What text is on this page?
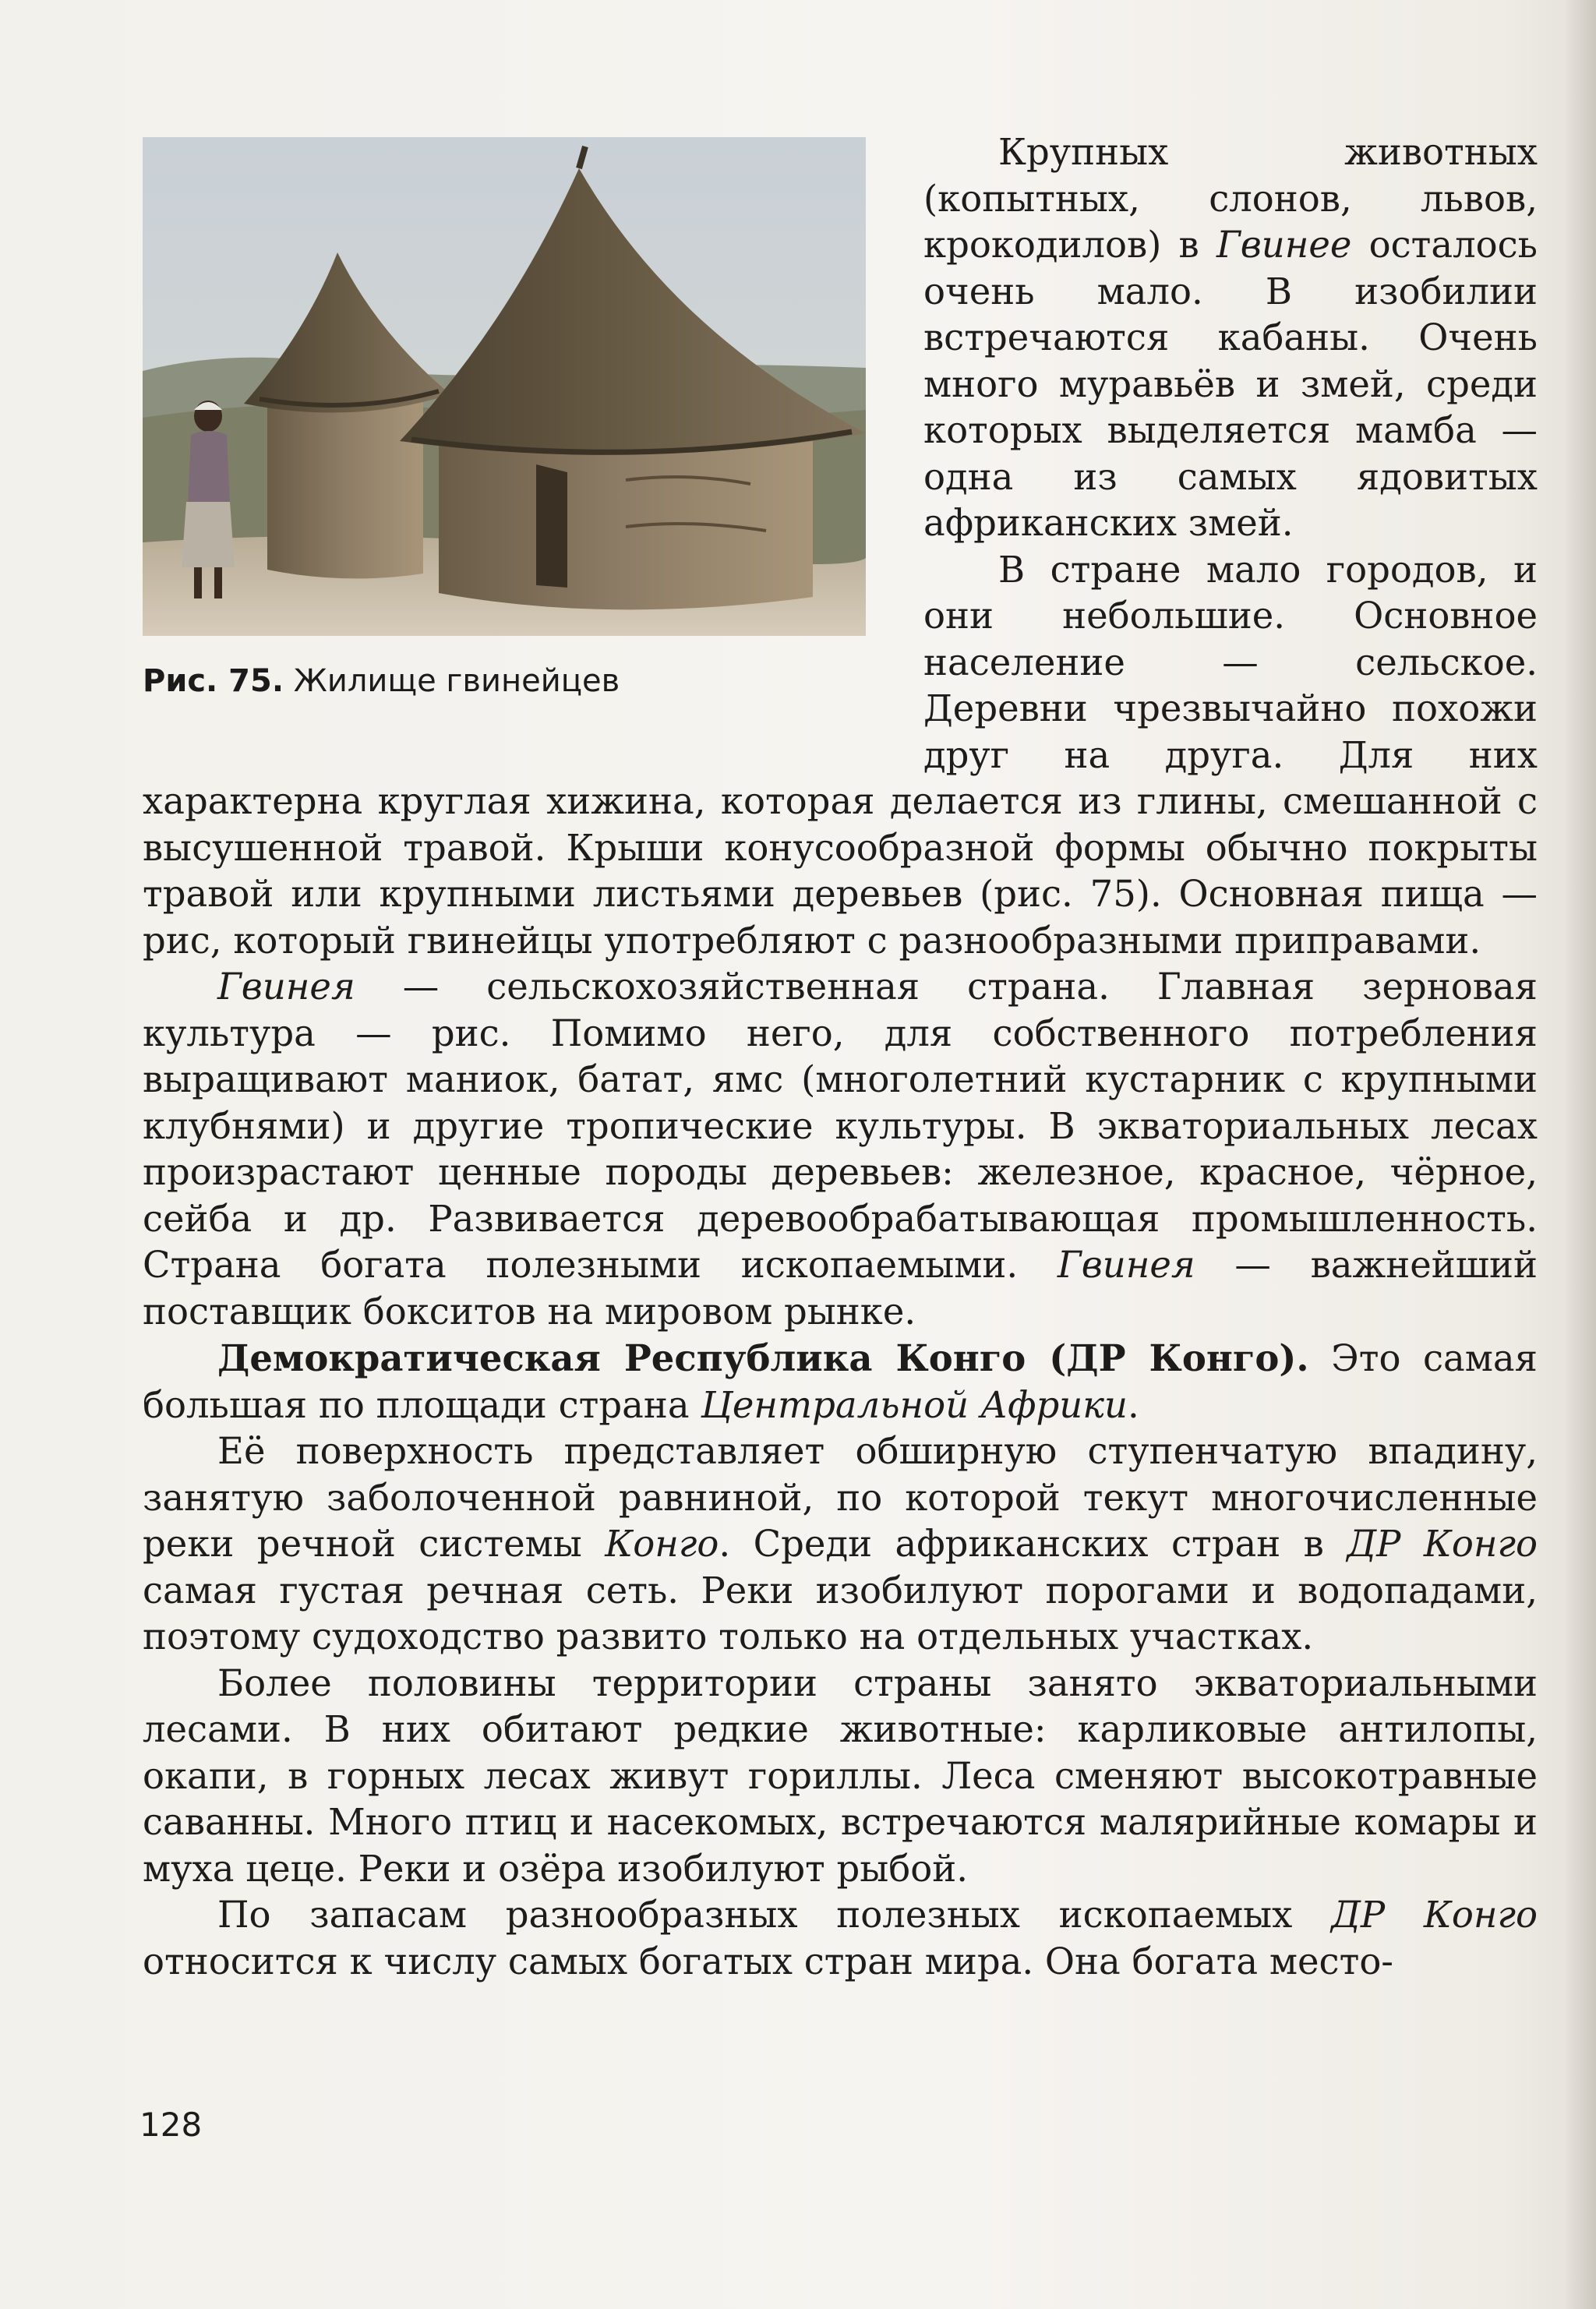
Рис. 75. Жилище гвинейцев

Крупных животных (копытных, слонов, львов, крокодилов) в Гвинее осталось очень мало. В изобилии встречаются кабаны. Очень много муравьёв и змей, среди которых выделяется мамба — одна из самых ядовитых африканских змей.

В стране мало городов, и они небольшие. Основное население — сельское. Деревни чрезвычайно похожи друг на друга. Для них характерна круглая хижина, которая делается из глины, смешанной с высушенной травой. Крыши конусообразной формы обычно покрыты травой или крупными листьями деревьев (рис. 75). Основная пища — рис, который гвинейцы употребляют с разнообразными приправами.

Гвинея — сельскохозяйственная страна. Главная зерновая культура — рис. Помимо него, для собственного потребления выращивают маниок, батат, ямс (многолетний кустарник с крупными клубнями) и другие тропические культуры. В экваториальных лесах произрастают ценные породы деревьев: железное, красное, чёрное, сейба и др. Развивается деревообрабатывающая промышленность. Страна богата полезными ископаемыми. Гвинея — важнейший поставщик бокситов на мировом рынке.

Демократическая Республика Конго (ДР Конго). Это самая большая по площади страна Центральной Африки.

Её поверхность представляет обширную ступенчатую впадину, занятую заболоченной равниной, по которой текут многочисленные реки речной системы Конго. Среди африканских стран в ДР Конго самая густая речная сеть. Реки изобилуют порогами и водопадами, поэтому судоходство развито только на отдельных участках.

Более половины территории страны занято экваториальными лесами. В них обитают редкие животные: карликовые антилопы, окапи, в горных лесах живут гориллы. Леса сменяют высокотравные саванны. Много птиц и насекомых, встречаются малярийные комары и муха цеце. Реки и озёра изобилуют рыбой.

По запасам разнообразных полезных ископаемых ДР Конго относится к числу самых богатых стран мира. Она богата место-

128
